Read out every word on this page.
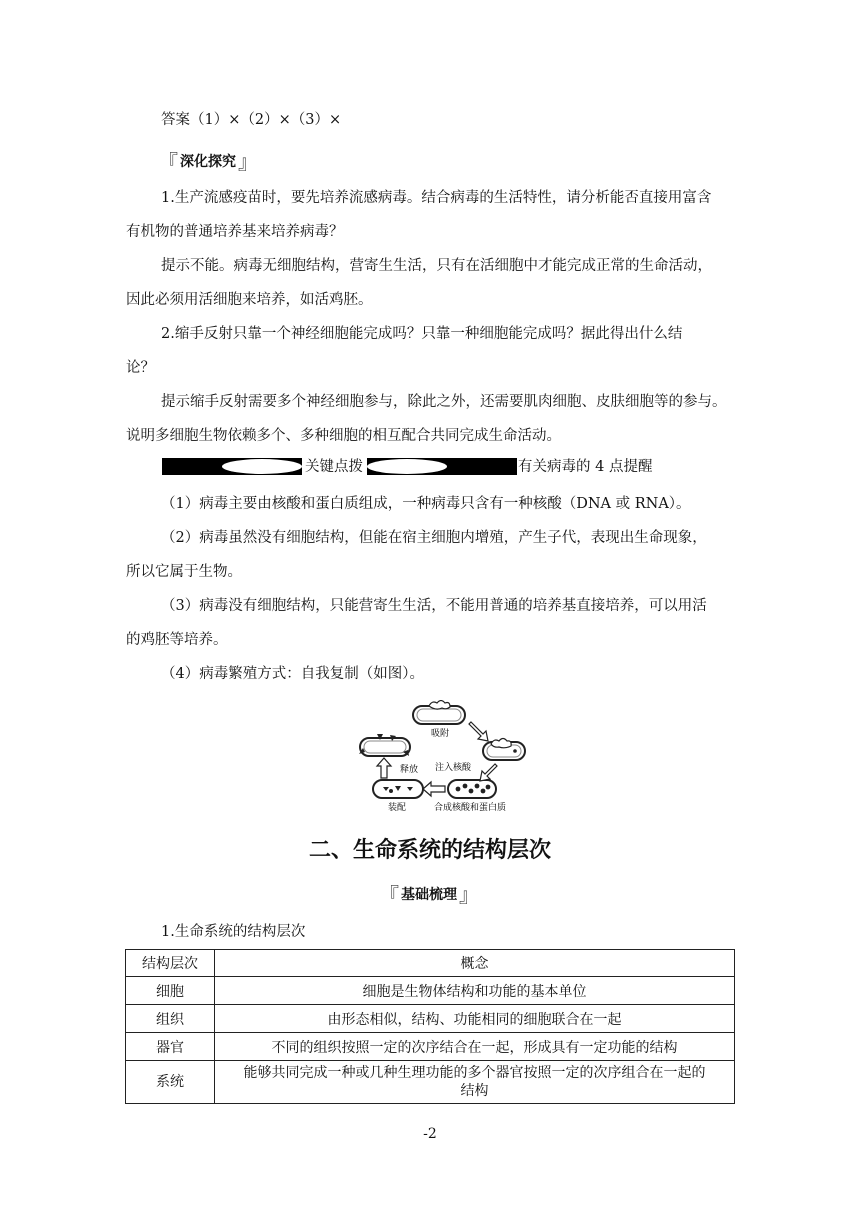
答案（1）×（2）×（3）×
『 深化探究 』
1.生产流感疫苗时，要先培养流感病毒。结合病毒的生活特性，请分析能否直接用富含
有机物的普通培养基来培养病毒？
提示不能。病毒无细胞结构，营寄生生活，只有在活细胞中才能完成正常的生命活动，
因此必须用活细胞来培养，如活鸡胚。
2.缩手反射只靠一个神经细胞能完成吗？只靠一种细胞能完成吗？据此得出什么结
论？
提示缩手反射需要多个神经细胞参与，除此之外，还需要肌肉细胞、皮肤细胞等的参与。
说明多细胞生物依赖多个、多种细胞的相互配合共同完成生命活动。
关键点拨	有关病毒的 4 点提醒
（1）病毒主要由核酸和蛋白质组成，一种病毒只含有一种核酸（DNA 或 RNA）。
（2）病毒虽然没有细胞结构，但能在宿主细胞内增殖，产生子代，表现出生命现象，
所以它属于生物。
（3）病毒没有细胞结构，只能营寄生生活，不能用普通的培养基直接培养，可以用活
的鸡胚等培养。
（4）病毒繁殖方式：自我复制（如图）。
吸附
注入核酸
合成核酸和蛋白质
装配
释放
二、生命系统的结构层次
『 基础梳理 』
1.生命系统的结构层次
结构层次	概念
细胞	细胞是生物体结构和功能的基本单位
组织	由形态相似，结构、功能相同的细胞联合在一起
器官	不同的组织按照一定的次序结合在一起，形成具有一定功能的结构
系统	能够共同完成一种或几种生理功能的多个器官按照一定的次序组合在一起的
结构
-2
